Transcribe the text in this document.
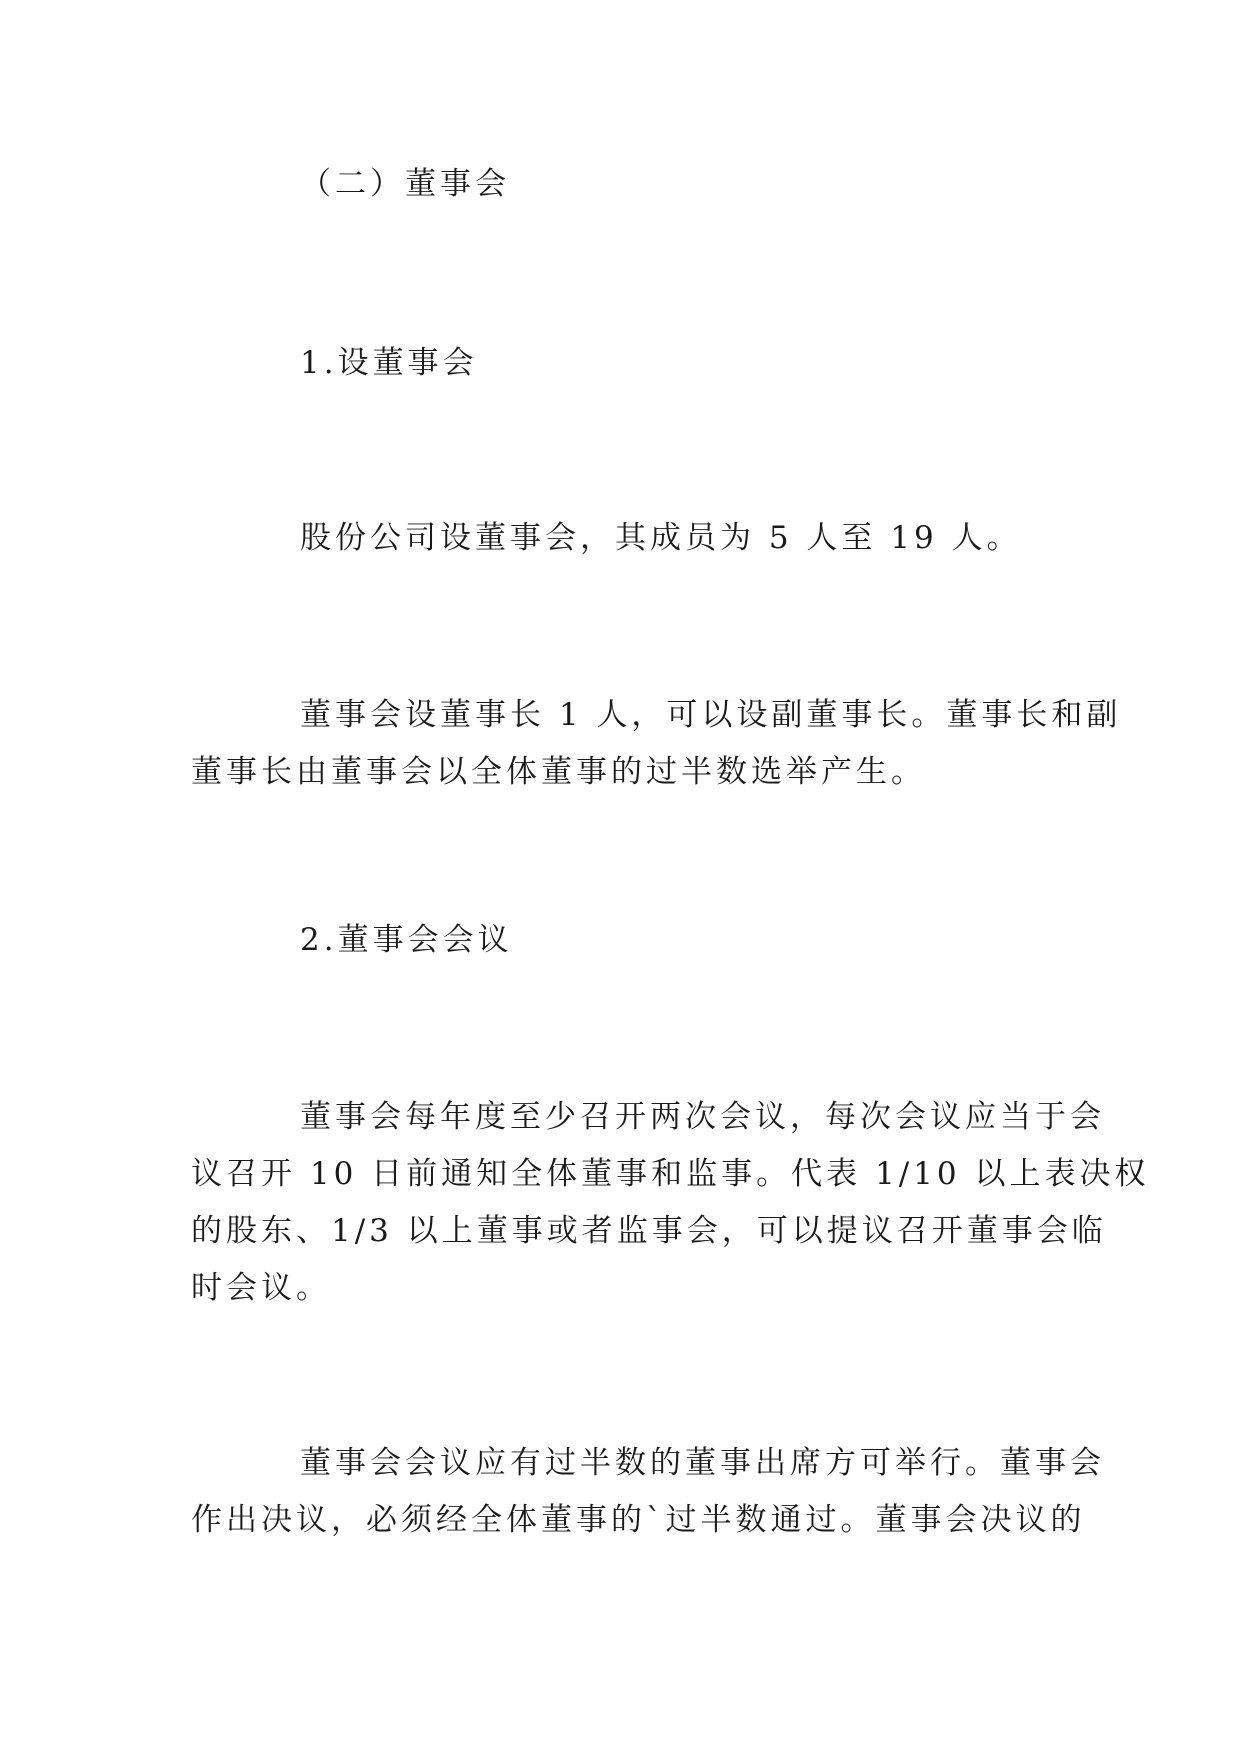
（二）董事会
1.设董事会
股份公司设董事会，其成员为 5 人至 19 人。
董事会设董事长 1 人，可以设副董事长。董事长和副
董事长由董事会以全体董事的过半数选举产生。
2.董事会会议
董事会每年度至少召开两次会议，每次会议应当于会
议召开 10 日前通知全体董事和监事。代表 1/10 以上表决权
的股东、1/3 以上董事或者监事会，可以提议召开董事会临
时会议。
董事会会议应有过半数的董事出席方可举行。董事会
作出决议，必须经全体董事的`过半数通过。董事会决议的
